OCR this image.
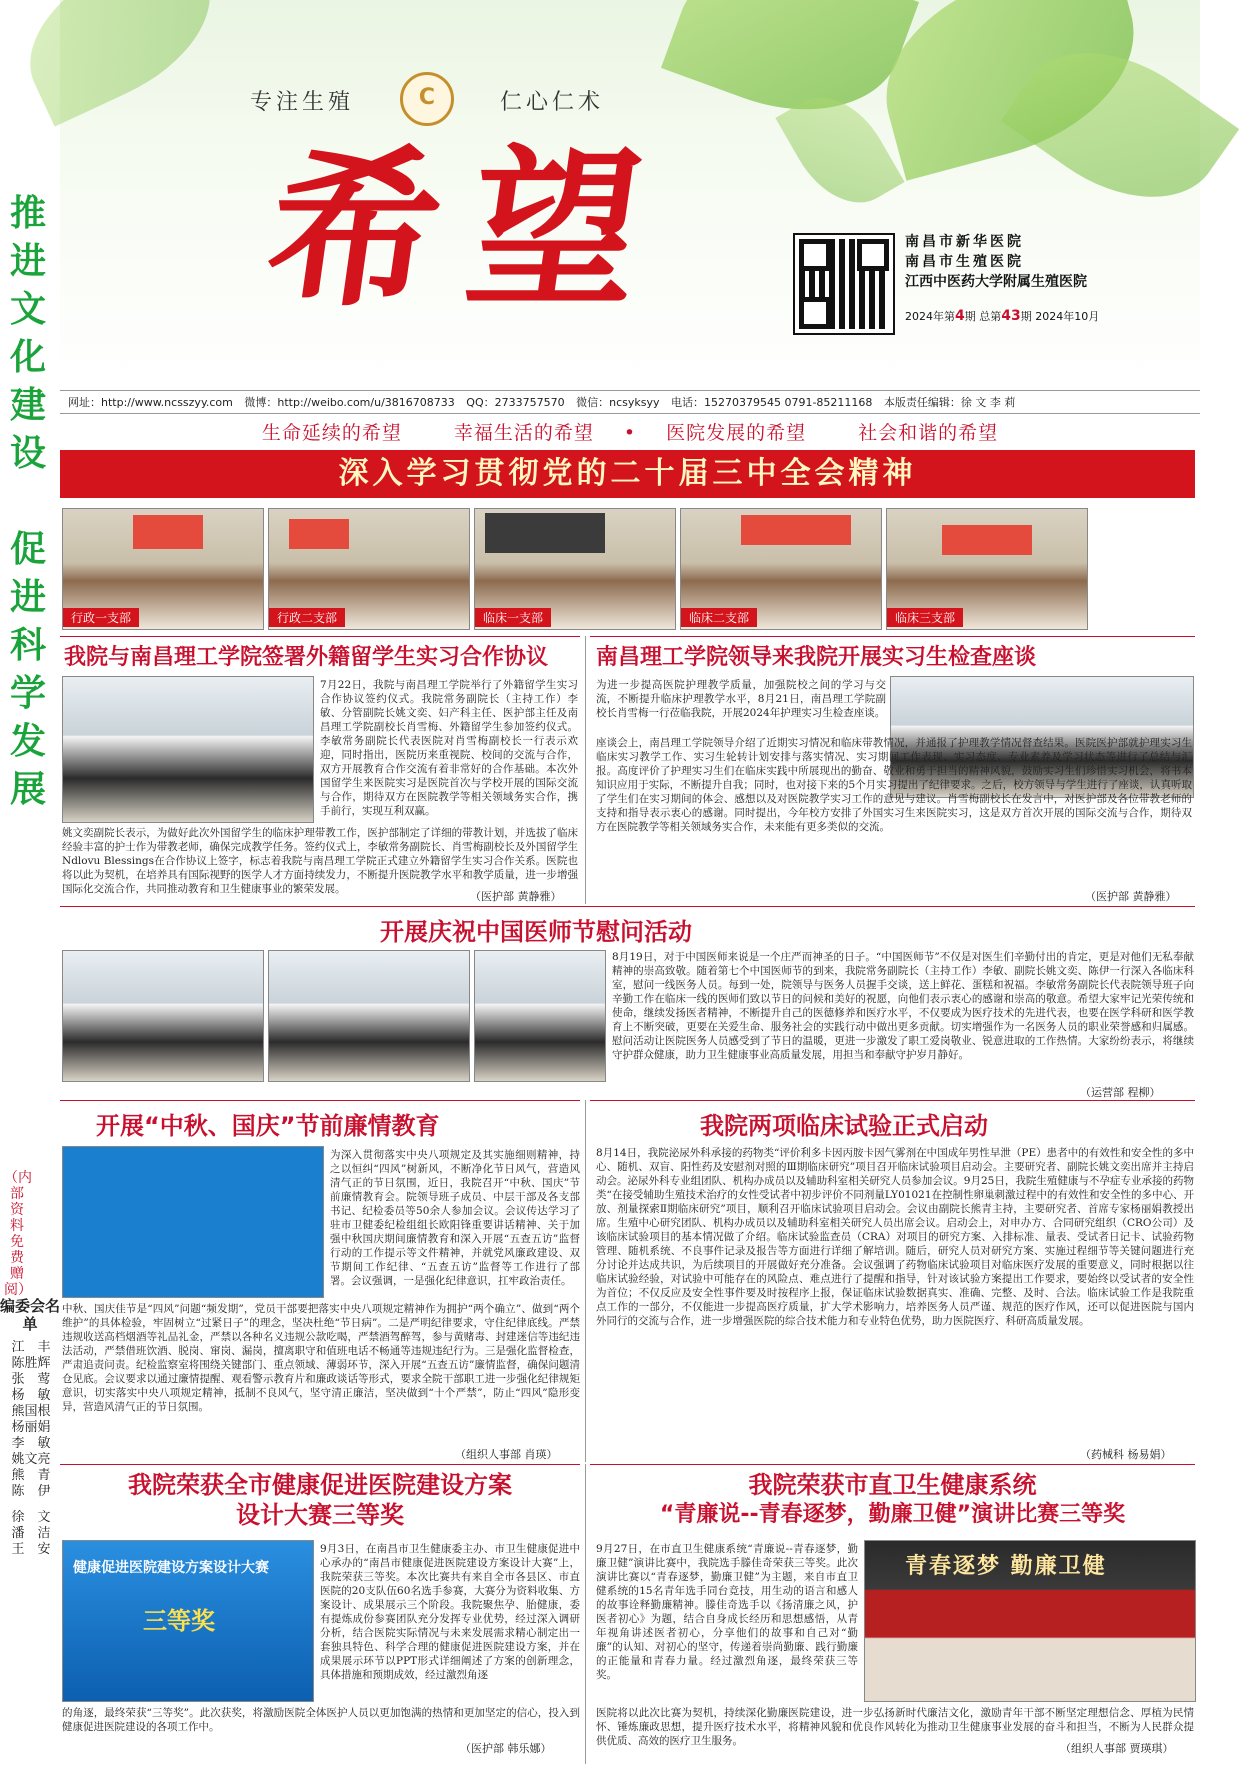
推
进
文
化
建
设
促
进
科
学
发
展
编委会名单
（内部资料 免费赠阅）
江　丰
陈胜辉
张　莺
杨　敏
熊国根
杨丽娟
李　敏
姚文亮
熊　青
陈　伊
徐　文
潘　洁
王　安
专注生殖	C	仁心仁术
希望	南昌市新华医院
南昌市生殖医院
江西中医药大学附属生殖医院
2024年第4期 总第43期 2024年10月
网址：http://www.ncsszyy.com 微博：http://weibo.com/u/3816708733 QQ：2733757570 微信：ncsyksyy 电话：15270379545 0791-85211168 本版责任编辑：徐 文 李 莉
生命延续的希望	幸福生活的希望 • 医院发展的希望	社会和谐的希望
深入学习贯彻党的二十届三中全会精神
行政一支部	行政二支部	临床一支部	临床二支部	临床三支部
我院与南昌理工学院签署外籍留学生实习合作协议
7月22日，我院与南昌理工学院举行了外籍留学生实习合作协议签约仪式。我院常务副院长（主持工作）李敏、分管副院长姚文奕、妇产科主任、医护部主任及南昌理工学院副校长肖雪梅、外籍留学生参加签约仪式。李敏常务副院长代表医院对肖雪梅副校长一行表示欢迎，同时指出，医院历来重视院、校间的交流与合作，双方开展教育合作交流有着非常好的合作基础。本次外国留学生来医院实习是医院首次与学校开展的国际交流与合作，期待双方在医院教学等相关领域务实合作，携手前行，实现互利双赢。
姚文奕副院长表示，为做好此次外国留学生的临床护理带教工作，医护部制定了详细的带教计划，并选拔了临床经验丰富的护士作为带教老师，确保完成教学任务。签约仪式上，李敏常务副院长、肖雪梅副校长及外国留学生Ndlovu Blessings在合作协议上签字，标志着我院与南昌理工学院正式建立外籍留学生实习合作关系。医院也将以此为契机，在培养具有国际视野的医学人才方面持续发力，不断提升医院教学水平和教学质量，进一步增强国际化交流合作，共同推动教育和卫生健康事业的繁荣发展。
（医护部 黄静雅）
南昌理工学院领导来我院开展实习生检查座谈
为进一步提高医院护理教学质量，加强院校之间的学习与交流，不断提升临床护理教学水平，8月21日，南昌理工学院副校长肖雪梅一行莅临我院，开展2024年护理实习生检查座谈。
座谈会上，南昌理工学院领导介绍了近期实习情况和临床带教情况，并通报了护理教学情况督查结果。医院医护部就护理实习生临床实习教学工作、实习生轮转计划安排与落实情况、实习期间工作表现、实习态度、专业素养及学习状态等进行了总结与汇报。高度评价了护理实习生们在临床实践中所展现出的勤奋、敬业和勇于担当的精神风貌，鼓励实习生们珍惜实习机会，将书本知识应用于实际，不断提升自我；同时，也对接下来的5个月实习提出了纪律要求。之后，校方领导与学生进行了座谈，认真听取了学生们在实习期间的体会、感想以及对医院教学实习工作的意见与建议。肖雪梅副校长在发言中，对医护部及各位带教老师的支持和指导表示衷心的感谢。同时提出，今年校方安排了外国实习生来医院实习，这是双方首次开展的国际交流与合作，期待双方在医院教学等相关领域务实合作，未来能有更多类似的交流。
（医护部 黄静雅）
开展庆祝中国医师节慰问活动
8月19日，对于中国医师来说是一个庄严而神圣的日子。“中国医师节”不仅是对医生们辛勤付出的肯定，更是对他们无私奉献精神的崇高致敬。随着第七个中国医师节的到来，我院常务副院长（主持工作）李敏、副院长姚文奕、陈伊一行深入各临床科室，慰问一线医务人员。每到一处，院领导与医务人员握手交谈，送上鲜花、蛋糕和祝福。李敏常务副院长代表院领导班子向辛勤工作在临床一线的医师们致以节日的问候和美好的祝愿，向他们表示衷心的感谢和崇高的敬意。希望大家牢记光荣传统和使命，继续发扬医者精神，不断提升自己的医德修养和医疗水平，不仅要成为医疗技术的先进代表，也要在医学科研和医学教育上不断突破，更要在关爱生命、服务社会的实践行动中做出更多贡献。切实增强作为一名医务人员的职业荣誉感和归属感。慰问活动让医院医务人员感受到了节日的温暖，更进一步激发了职工爱岗敬业、锐意进取的工作热情。大家纷纷表示，将继续守护群众健康，助力卫生健康事业高质量发展，用担当和奉献守护岁月静好。
（运营部 程柳）
开展“中秋、国庆”节前廉情教育
为深入贯彻落实中央八项规定及其实施细则精神，持之以恒纠“四风”树新风，不断净化节日风气，营造风清气正的节日氛围，近日，我院召开“中秋、国庆”节前廉情教育会。院领导班子成员、中层干部及各支部书记、纪检委员等50余人参加会议。会议传达学习了驻市卫健委纪检组组长欧阳锋重要讲话精神、关于加强中秋国庆期间廉情教育和深入开展“五查五访”监督行动的工作提示等文件精神，并就党风廉政建设、双节期间工作纪律、“五查五访”监督等工作进行了部署。会议强调，一是强化纪律意识，扛牢政治责任。
中秋、国庆佳节是“四风”问题“频发期”，党员干部要把落实中央八项规定精神作为拥护“两个确立”、做到“两个维护”的具体检验，牢固树立“过紧日子”的理念，坚决杜绝“节日病”。二是严明纪律要求，守住纪律底线。严禁违规收送高档烟酒等礼品礼金，严禁以各种名义违规公款吃喝，严禁酒驾醉驾，参与黄赌毒、封建迷信等违纪违法活动，严禁借班饮酒、脱岗、窜岗、漏岗，擅离职守和值班电话不畅通等违规违纪行为。三是强化监督检查，严肃追责问责。纪检监察室将围绕关键部门、重点领域、薄弱环节，深入开展“五查五访”廉情监督，确保问题清仓见底。会议要求以通过廉情提醒、观看警示教育片和廉政谈话等形式，要求全院干部职工进一步强化纪律规矩意识，切实落实中央八项规定精神，抵制不良风气，坚守清正廉洁，坚决做到“十个严禁”，防止“四风”隐形变异，营造风清气正的节日氛围。
（组织人事部 肖瑛）
我院两项临床试验正式启动
8月14日，我院泌尿外科承接的药物类“评价利多卡因丙胺卡因气雾剂在中国成年男性早泄（PE）患者中的有效性和安全性的多中心、随机、双盲、阳性药及安慰剂对照的Ⅲ期临床研究”项目召开临床试验项目启动会。主要研究者、副院长姚文奕出席并主持启动会。泌尿外科专业组团队、机构办成员以及辅助科室相关研究人员参加会议。9月25日，我院生殖健康与不孕症专业承接的药物类“在接受辅助生殖技术治疗的女性受试者中初步评价不同剂量LY01021在控制性卵巢刺激过程中的有效性和安全性的多中心、开放、剂量探索Ⅱ期临床研究”项目，顺利召开临床试验项目启动会。会议由副院长熊青主持，主要研究者、首席专家杨丽娟教授出席。生殖中心研究团队、机构办成员以及辅助科室相关研究人员出席会议。启动会上，对申办方、合同研究组织（CRO公司）及该临床试验项目的基本情况做了介绍。临床试验监查员（CRA）对项目的研究方案、入排标准、量表、受试者日记卡、试验药物管理、随机系统、不良事件记录及报告等方面进行详细了解培训。随后，研究人员对研究方案、实施过程细节等关键问题进行充分讨论并达成共识，为后续项目的开展做好充分准备。会议强调了药物临床试验项目对临床医疗发展的重要意义，同时根据以往临床试验经验，对试验中可能存在的风险点、难点进行了提醒和指导，针对该试验方案提出工作要求，要始终以受试者的安全性为首位；不仅反应及安全性事件要及时按程序上报，保证临床试验数据真实、准确、完整、及时、合法。临床试验工作是我院重点工作的一部分，不仅能进一步提高医疗质量，扩大学术影响力，培养医务人员严谨、规范的医疗作风，还可以促进医院与国内外同行的交流与合作，进一步增强医院的综合技术能力和专业特色优势，助力医院医疗、科研高质量发展。
（药械科 杨易娟）
我院荣获全市健康促进医院建设方案
设计大赛三等奖
健康促进医院建设方案设计大赛
三等奖
9月3日，在南昌市卫生健康委主办、市卫生健康促进中心承办的“南昌市健康促进医院建设方案设计大赛”上，我院荣获三等奖。本次比赛共有来自全市各县区、市直医院的20支队伍60名选手参赛，大赛分为资料收集、方案设计、成果展示三个阶段。我院聚焦孕、胎健康，委有提炼成份参赛团队充分发挥专业优势，经过深入调研分析，结合医院实际情况与未来发展需求精心制定出一套独具特色、科学合理的健康促进医院建设方案，并在成果展示环节以PPT形式详细阐述了方案的创新理念，具体措施和预期成效，经过激烈角逐
的角逐，最终荣获“三等奖”。此次获奖，将激励医院全体医护人员以更加饱满的热情和更加坚定的信心，投入到健康促进医院建设的各项工作中。
（医护部 韩乐娜）
我院荣获市直卫生健康系统
“青廉说--青春逐梦，勤廉卫健”演讲比赛三等奖
9月27日，在市直卫生健康系统“青廉说--青春逐梦，勤廉卫健”演讲比赛中，我院选手滕佳奇荣获三等奖。此次演讲比赛以“青春逐梦，勤廉卫健”为主题，来自市直卫健系统的15名青年选手同台竞技，用生动的语言和感人的故事诠释勤廉精神。滕佳奇选手以《扬清廉之风，护医者初心》为题，结合自身成长经历和思想感悟，从青年视角讲述医者初心，分享他们的故事和自己对“勤廉”的认知、对初心的坚守，传递着崇尚勤廉、践行勤廉的正能量和青春力量。经过激烈角逐，最终荣获三等奖。
青春逐梦 勤廉卫健
医院将以此次比赛为契机，持续深化勤廉医院建设，进一步弘扬新时代廉洁文化，激励青年干部不断坚定理想信念、厚植为民情怀、锤炼廉政思想，提升医疗技术水平，将精神风貌和优良作风转化为推动卫生健康事业发展的奋斗和担当，不断为人民群众提供优质、高效的医疗卫生服务。
（组织人事部 贾瑛琪）
